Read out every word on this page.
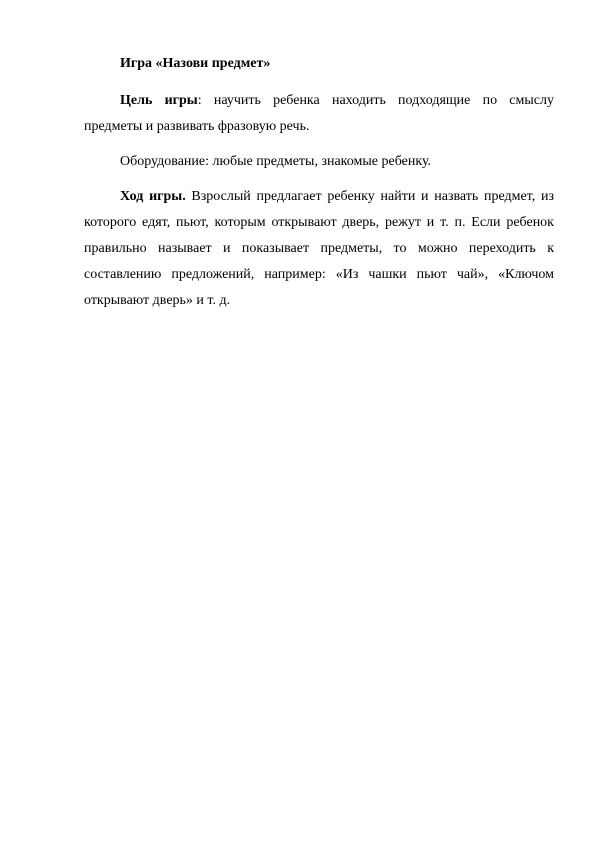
Игра «Назови предмет»

Цель игры: научить ребенка находить подходящие по смыслу предметы и развивать фразовую речь.

Оборудование: любые предметы, знакомые ребенку.

Ход игры. Взрослый предлагает ребенку найти и назвать предмет, из которого едят, пьют, которым открывают дверь, режут и т. п. Если ребенок правильно называет и показывает предметы, то можно переходить к составлению предложений, например: «Из чашки пьют чай», «Ключом открывают дверь» и т. д.
